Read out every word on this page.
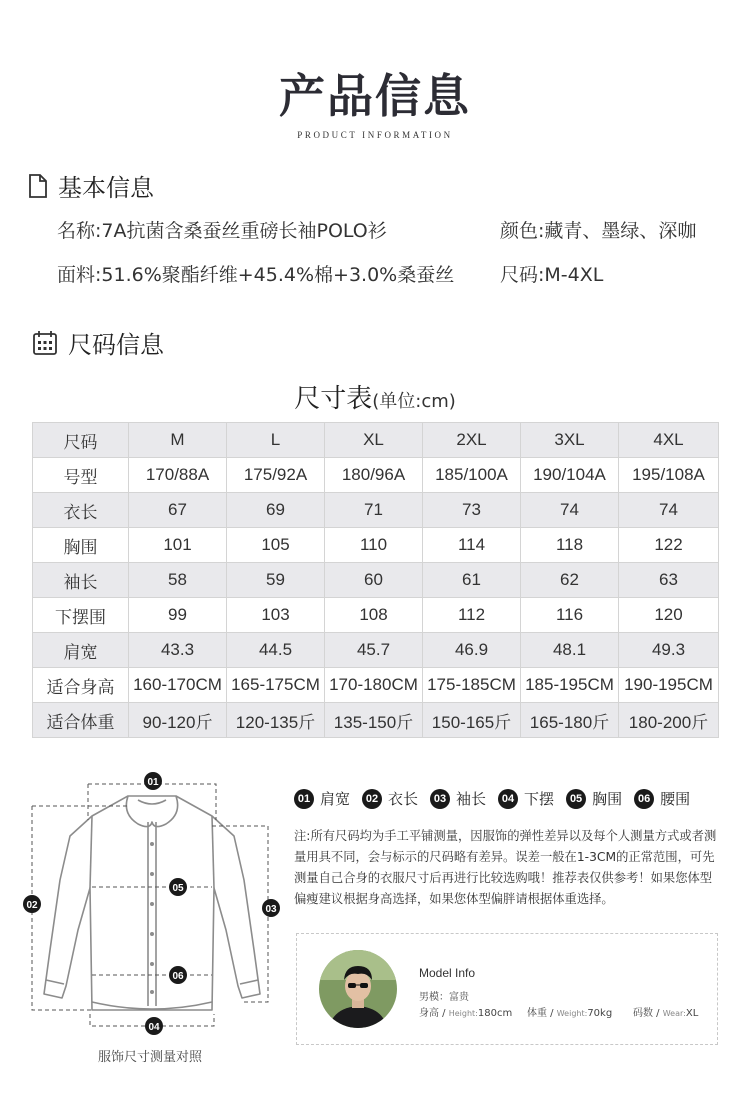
产品信息
PRODUCT INFORMATION
基本信息
名称:7A抗菌含桑蚕丝重磅长袖POLO衫	颜色:藏青、墨绿、深咖
面料:51.6%聚酯纤维+45.4%棉+3.0%桑蚕丝 尺码:M-4XL
尺码信息
尺寸表(单位:cm)
尺码	M	L	XL	2XL	3XL	4XL
号型	170/88A	175/92A	180/96A	185/100A	190/104A	195/108A
衣长	67	69	71	73	74	74
胸围	101	105	110	114	118	122
袖长	58	59	60	61	62	63
下摆围	99	103	108	112	116	120
肩宽	43.3	44.5	45.7	46.9	48.1	49.3
适合身高	160-170CM	165-175CM	170-180CM	175-185CM	185-195CM	190-195CM
适合体重	90-120斤	120-135斤	135-150斤	150-165斤	165-180斤	180-200斤
01
02	03
04
05
06
服饰尺寸测量对照
01 肩宽	02 衣长	03 袖长	04 下摆	05 胸围	06 腰围
注:所有尺码均为手工平铺测量，因服饰的弹性差异以及每个人测量方式或者测量用具不同，会与标示的尺码略有差异。误差一般在1-3CM的正常范围，可先测量自己合身的衣服尺寸后再进行比较选购哦！推荐表仅供参考！如果您体型偏瘦建议根据身高选择，如果您体型偏胖请根据体重选择。
Model Info
男模：富贵
身高 / Height:180cm 体重 / Weight:70kg 码数 / Wear:XL
